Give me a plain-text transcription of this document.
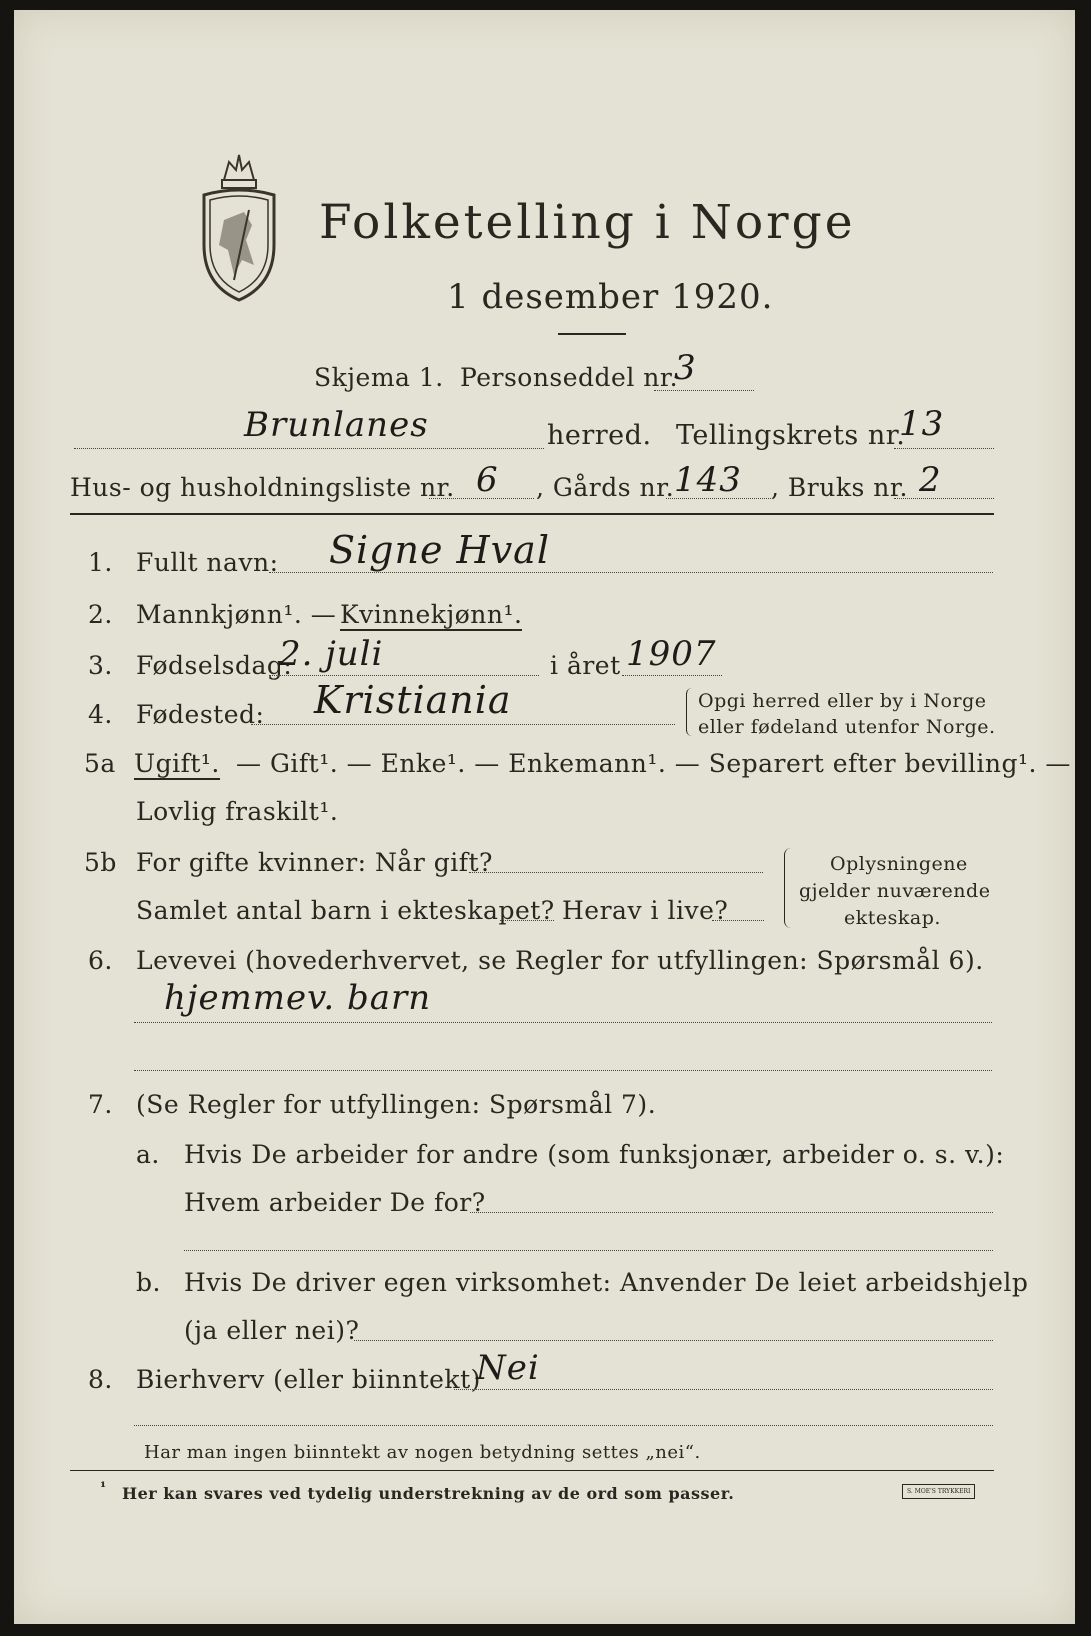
Folketelling i Norge
1 desember 1920.
Skjema 1. Personseddel nr.
3
Brunlanes	herred. Tellingskrets nr.
13
Hus- og husholdningsliste nr. 6 , Gårds nr. 143 , Bruks nr. 2
1. Fullt navn: Signe Hval
2. Mannkjønn¹. — Kvinnekjønn¹.
3. Fødselsdag:
2. juli	i året 1907
4. Fødested: Kristiania	Opgi herred eller by i Norge
eller fødeland utenfor Norge.
5a Ugift¹. — Gift¹. — Enke¹. — Enkemann¹. — Separert efter bevilling¹. —
Lovlig fraskilt¹.
5b For gifte kvinner: Når gift?
Samlet antal barn i ekteskapet? Herav i live?
Oplysningene
gjelder nuværende
ekteskap.
6. Levevei (hovederhvervet, se Regler for utfyllingen: Spørsmål 6).
hjemmev. barn
7. (Se Regler for utfyllingen: Spørsmål 7).
a. Hvis De arbeider for andre (som funksjonær, arbeider o. s. v.):
Hvem arbeider De for?
b. Hvis De driver egen virksomhet: Anvender De leiet arbeidshjelp
(ja eller nei)?
8. Bierhverv (eller biinntekt)
Nei
Har man ingen biinntekt av nogen betydning settes „nei“.
¹ Her kan svares ved tydelig understrekning av de ord som passer.	S. MOE'S TRYKKERI
